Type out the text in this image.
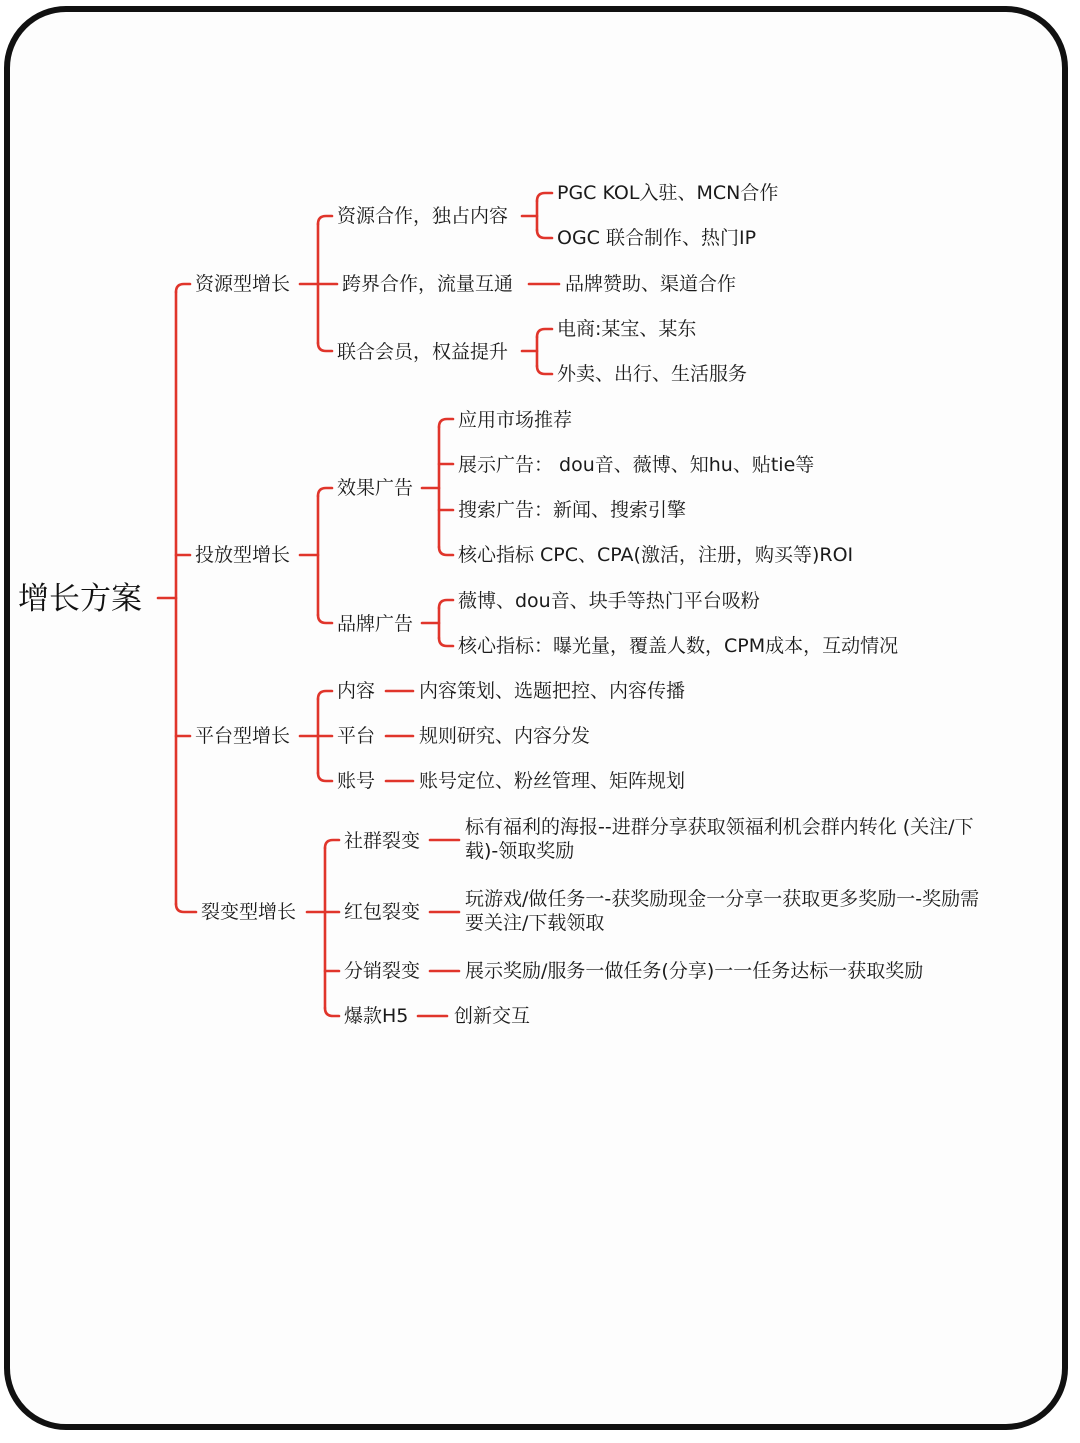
增长方案
资源型增长
投放型增长
平台型增长
裂变型增长
资源合作，独占内容
跨界合作，流量互通
联合会员，权益提升
PGC KOL入驻、MCN合作
OGC 联合制作、热门IP
品牌赞助、渠道合作
电商:某宝、某东
外卖、出行、生活服务
效果广告
品牌广告
应用市场推荐
展示广告： dou音、薇博、知hu、贴tie等
搜索广告：新闻、搜索引擎
核心指标 CPC、CPA(激活，注册，购买等)ROI
薇博、dou音、块手等热门平台吸粉
核心指标：曝光量，覆盖人数，CPM成本，互动情况
内容
平台
账号
内容策划、选题把控、内容传播
规则研究、内容分发
账号定位、粉丝管理、矩阵规划
社群裂变
红包裂变
分销裂变
爆款H5
标有福利的海报--进群分享获取领福利机会群内转化 (关注/下载)-领取奖励
玩游戏/做任务一-获奖励现金一分享一获取更多奖励一-奖励需要关注/下载领取
展示奖励/服务一做任务(分享)一一任务达标一获取奖励
创新交互
